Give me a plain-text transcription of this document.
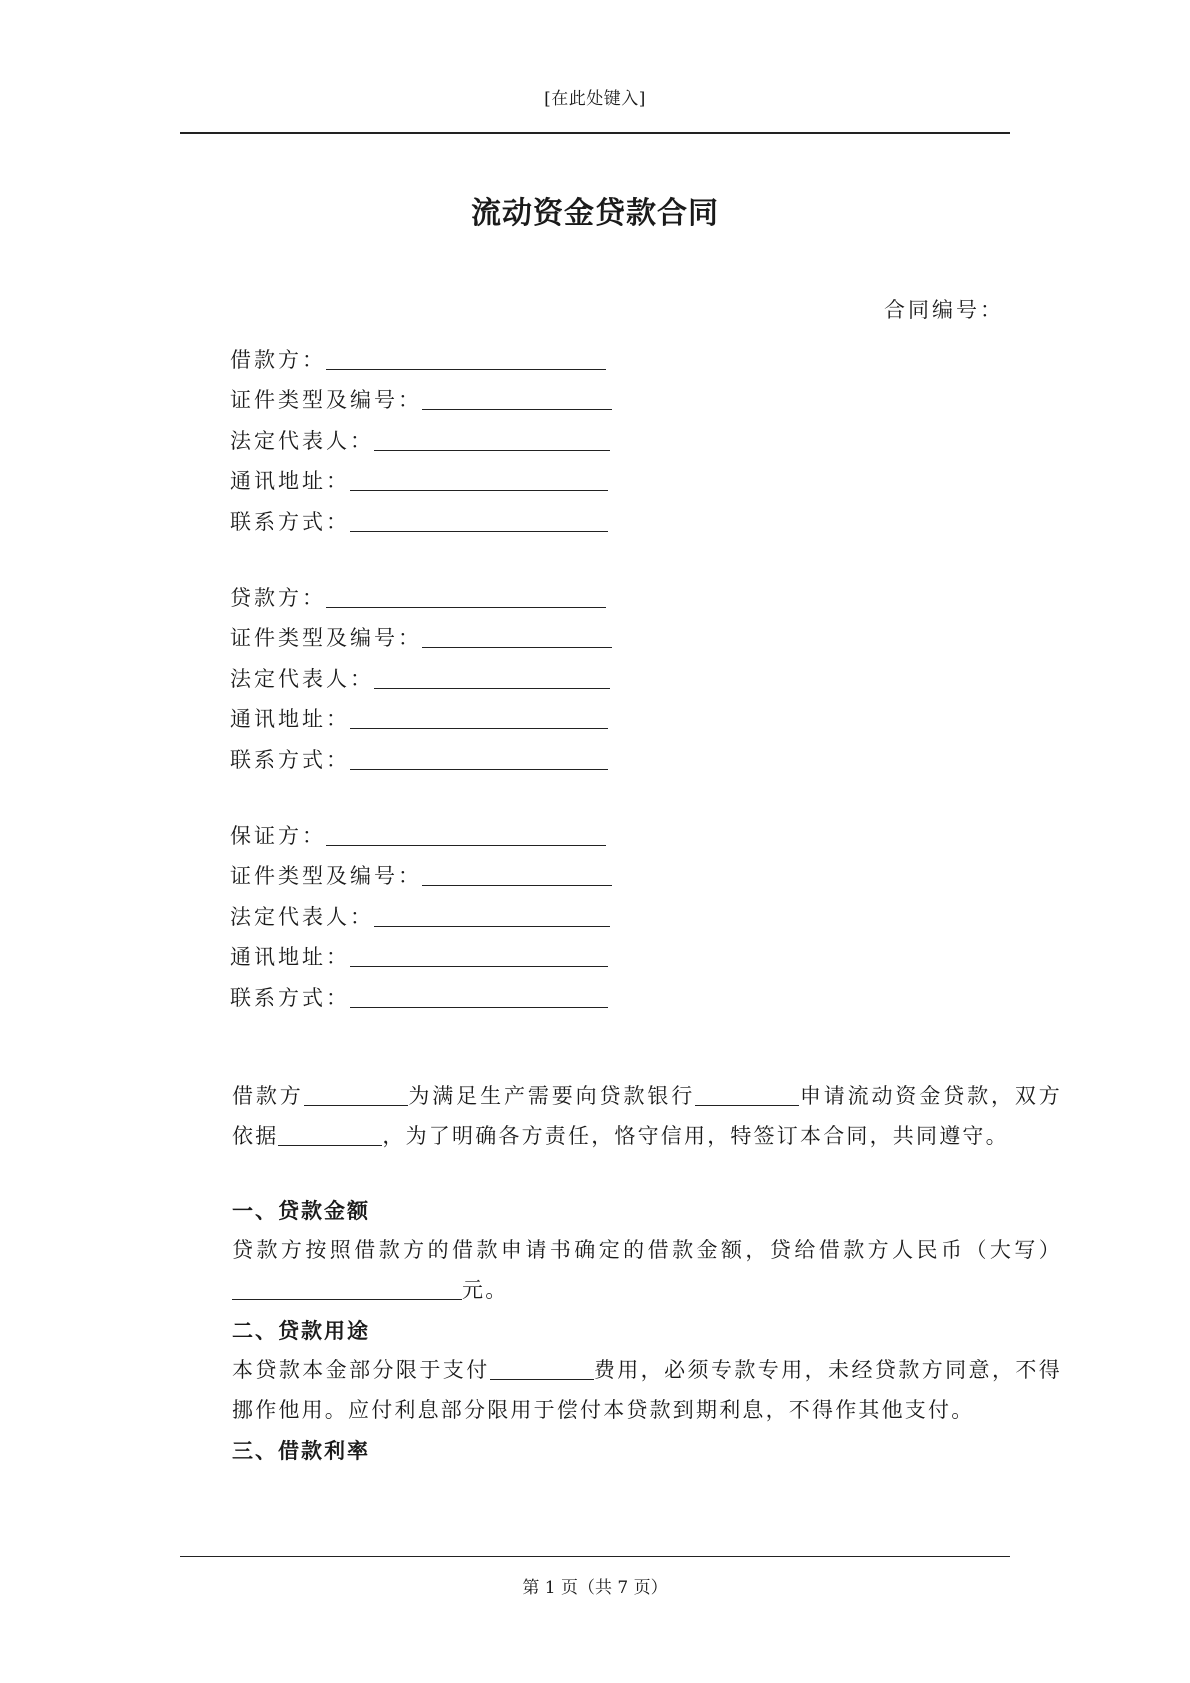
[在此处键入]
流动资金贷款合同
合同编号：
借款方：
证件类型及编号：
法定代表人：
通讯地址：
联系方式：
贷款方：
证件类型及编号：
法定代表人：
通讯地址：
联系方式：
保证方：
证件类型及编号：
法定代表人：
通讯地址：
联系方式：
借款方	为满足生产需要向贷款银行	申请流动资金贷款，双方依据	，为了明确各方责任，恪守信用，特签订本合同，共同遵守。
一、贷款金额
贷款方按照借款方的借款申请书确定的借款金额，贷给借款方人民币（大写）元。
二、贷款用途
本贷款本金部分限于支付	费用，必须专款专用，未经贷款方同意，不得挪作他用。应付利息部分限用于偿付本贷款到期利息，不得作其他支付。
三、借款利率
第 1 页（共 7 页）
